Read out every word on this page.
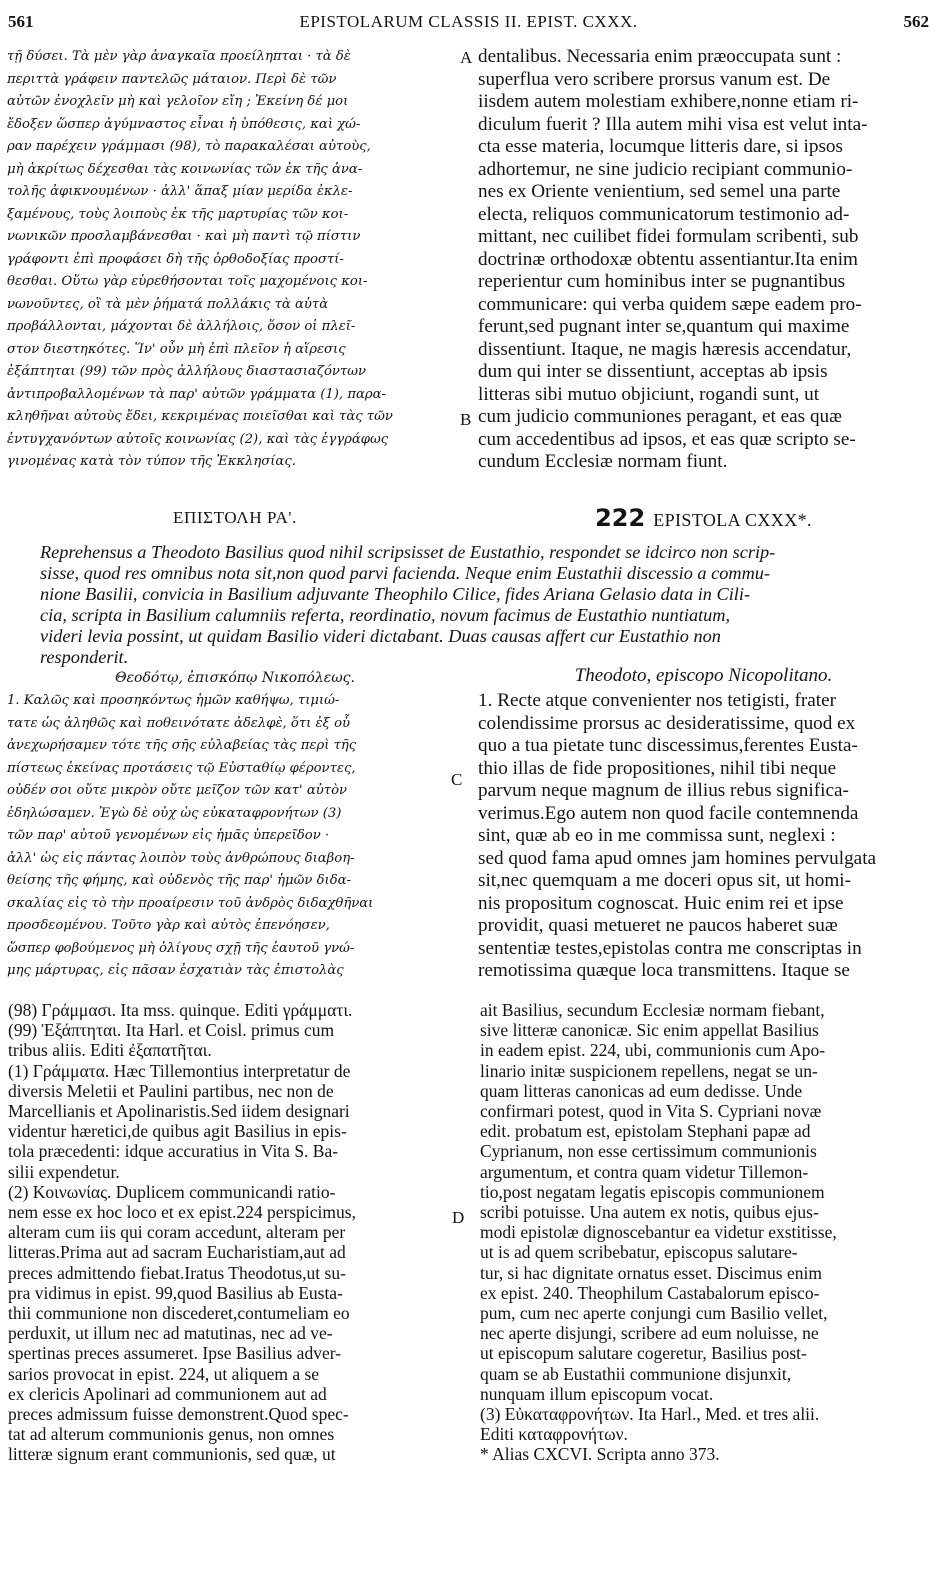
561	EPISTOLARUM CLASSIS II. EPIST. CXXX.	562
τῇ δύσει. Τὰ μὲν γὰρ ἀναγκαῖα προείληπται · τὰ δὲ
περιττὰ γράφειν παντελῶς μάταιον. Περὶ δὲ τῶν
αὐτῶν ἐνοχλεῖν μὴ καὶ γελοῖον εἴη ; Ἐκείνη δέ μοι
ἔδοξεν ὥσπερ ἀγύμναστος εἶναι ἡ ὑπόθεσις, καὶ χώ-
ραν παρέχειν γράμμασι (98), τὸ παρακαλέσαι αὐτοὺς,
μὴ ἀκρίτως δέχεσθαι τὰς κοινωνίας τῶν ἐκ τῆς ἀνα-
τολῆς ἀφικνουμένων · ἀλλ' ἅπαξ μίαν μερίδα ἐκλε-
ξαμένους, τοὺς λοιποὺς ἐκ τῆς μαρτυρίας τῶν κοι-
νωνικῶν προσλαμβάνεσθαι · καὶ μὴ παντὶ τῷ πίστιν
γράφοντι ἐπὶ προφάσει δὴ τῆς ὀρθοδοξίας προστί-
θεσθαι. Οὕτω γὰρ εὑρεθήσονται τοῖς μαχομένοις κοι-
νωνοῦντες, οἳ τὰ μὲν ῥήματά πολλάκις τὰ αὐτὰ
προβάλλονται, μάχονται δὲ ἀλλήλοις, ὅσον οἱ πλεῖ-
στον διεστηκότες. Ἵν' οὖν μὴ ἐπὶ πλεῖον ἡ αἵρεσις
ἐξάπτηται (99) τῶν πρὸς ἀλλήλους διαστασιαζόντων
ἀντιπροβαλλομένων τὰ παρ' αὐτῶν γράμματα (1), παρα-
κληθῆναι αὐτοὺς ἔδει, κεκριμένας ποιεῖσθαι καὶ τὰς τῶν
ἐντυγχανόντων αὐτοῖς κοινωνίας (2), καὶ τὰς ἐγγράφως
γινομένας κατὰ τὸν τύπον τῆς Ἐκκλησίας.
dentalibus. Necessaria enim præoccupata sunt :
superflua vero scribere prorsus vanum est. De
iisdem autem molestiam exhibere,nonne etiam ri-
diculum fuerit ? Illa autem mihi visa est velut inta-
cta esse materia, locumque litteris dare, si ipsos
adhortemur, ne sine judicio recipiant communio-
nes ex Oriente venientium, sed semel una parte
electa, reliquos communicatorum testimonio ad-
mittant, nec cuilibet fidei formulam scribenti, sub
doctrinæ orthodoxæ obtentu assentiantur.Ita enim
reperientur cum hominibus inter se pugnantibus
communicare: qui verba quidem sæpe eadem pro-
ferunt,sed pugnant inter se,quantum qui maxime
dissentiunt. Itaque, ne magis hæresis accendatur,
dum qui inter se dissentiunt, acceptas ab ipsis
litteras sibi mutuo objiciunt, rogandi sunt, ut
cum judicio communiones peragant, et eas quæ
cum accedentibus ad ipsos, et eas quæ scripto se-
cundum Ecclesiæ normam fiunt.
A
B
ΕΠΙΣΤΟΛΗ ΡΑ'.	222 EPISTOLA CXXX*.
Reprehensus a Theodoto Basilius quod nihil scripsisset de Eustathio, respondet se idcirco non scrip-
sisse, quod res omnibus nota sit,non quod parvi facienda. Neque enim Eustathii discessio a commu-
nione Basilii, convicia in Basilium adjuvante Theophilo Cilice, fides Ariana Gelasio data in Cili-
cia, scripta in Basilium calumniis referta, reordinatio, novum facimus de Eustathio nuntiatum,
videri levia possint, ut quidam Basilio videri dictabant. Duas causas affert cur Eustathio non
responderit.
Θεοδότῳ, ἐπισκόπῳ Νικοπόλεως.	Theodoto, episcopo Nicopolitano.
1. Καλῶς καὶ προσηκόντως ἡμῶν καθήψω, τιμιώ-
τατε ὡς ἀληθῶς καὶ ποθεινότατε ἀδελφὲ, ὅτι ἐξ οὗ
ἀνεχωρήσαμεν τότε τῆς σῆς εὐλαβείας τὰς περὶ τῆς
πίστεως ἐκείνας προτάσεις τῷ Εὐσταθίῳ φέροντες,
οὐδέν σοι οὔτε μικρὸν οὔτε μεῖζον τῶν κατ' αὐτὸν
ἐδηλώσαμεν. Ἐγὼ δὲ οὐχ ὡς εὐκαταφρονήτων (3)
τῶν παρ' αὐτοῦ γενομένων εἰς ἡμᾶς ὑπερεῖδον ·
ἀλλ' ὡς εἰς πάντας λοιπὸν τοὺς ἀνθρώπους διαβοη-
θείσης τῆς φήμης, καὶ οὐδενὸς τῆς παρ' ἡμῶν διδα-
σκαλίας εἰς τὸ τὴν προαίρεσιν τοῦ ἀνδρὸς διδαχθῆναι
προσδεομένου. Τοῦτο γὰρ καὶ αὐτὸς ἐπενόησεν,
ὥσπερ φοβούμενος μὴ ὀλίγους σχῇ τῆς ἑαυτοῦ γνώ-
μης μάρτυρας, εἰς πᾶσαν ἐσχατιὰν τὰς ἐπιστολὰς
1. Recte atque convenienter nos tetigisti, frater
colendissime prorsus ac desideratissime, quod ex
quo a tua pietate tunc discessimus,ferentes Eusta-
thio illas de fide propositiones, nihil tibi neque
parvum neque magnum de illius rebus significa-
verimus.Ego autem non quod facile contemnenda
sint, quæ ab eo in me commissa sunt, neglexi :
sed quod fama apud omnes jam homines pervulgata
sit,nec quemquam a me doceri opus sit, ut homi-
nis propositum cognoscat. Huic enim rei et ipse
providit, quasi metueret ne paucos haberet suæ
sententiæ testes,epistolas contra me conscriptas in
remotissima quæque loca transmittens. Itaque se
C
D
(98) Γράμμασι. Ita mss. quinque. Editi γράμματι.
(99) Ἐξάπτηται. Ita Harl. et Coisl. primus cum
tribus aliis. Editi ἐξαπατῆται.
(1) Γράμματα. Hæc Tillemontius interpretatur de
diversis Meletii et Paulini partibus, nec non de
Marcellianis et Apolinaristis.Sed iidem designari
videntur hæretici,de quibus agit Basilius in epis-
tola præcedenti: idque accuratius in Vita S. Ba-
silii expendetur.
(2) Κοινωνίας. Duplicem communicandi ratio-
nem esse ex hoc loco et ex epist.224 perspicimus,
alteram cum iis qui coram accedunt, alteram per
litteras.Prima aut ad sacram Eucharistiam,aut ad
preces admittendo fiebat.Iratus Theodotus,ut su-
pra vidimus in epist. 99,quod Basilius ab Eusta-
thii communione non discederet,contumeliam eo
perduxit, ut illum nec ad matutinas, nec ad ve-
spertinas preces assumeret. Ipse Basilius adver-
sarios provocat in epist. 224, ut aliquem a se
ex clericis Apolinari ad communionem aut ad
preces admissum fuisse demonstrent.Quod spec-
tat ad alterum communionis genus, non omnes
litteræ signum erant communionis, sed quæ, ut
ait Basilius, secundum Ecclesiæ normam fiebant,
sive litteræ canonicæ. Sic enim appellat Basilius
in eadem epist. 224, ubi, communionis cum Apo-
linario initæ suspicionem repellens, negat se un-
quam litteras canonicas ad eum dedisse. Unde
confirmari potest, quod in Vita S. Cypriani novæ
edit. probatum est, epistolam Stephani papæ ad
Cyprianum, non esse certissimum communionis
argumentum, et contra quam videtur Tillemon-
tio,post negatam legatis episcopis communionem
scribi potuisse. Una autem ex notis, quibus ejus-
modi epistolæ dignoscebantur ea videtur exstitisse,
ut is ad quem scribebatur, episcopus salutare-
tur, si hac dignitate ornatus esset. Discimus enim
ex epist. 240. Theophilum Castabalorum episco-
pum, cum nec aperte conjungi cum Basilio vellet,
nec aperte disjungi, scribere ad eum noluisse, ne
ut episcopum salutare cogeretur, Basilius post-
quam se ab Eustathii communione disjunxit,
nunquam illum episcopum vocat.
(3) Εὐκαταφρονήτων. Ita Harl., Med. et tres alii.
Editi καταφρονήτων.
* Alias CXCVI. Scripta anno 373.
